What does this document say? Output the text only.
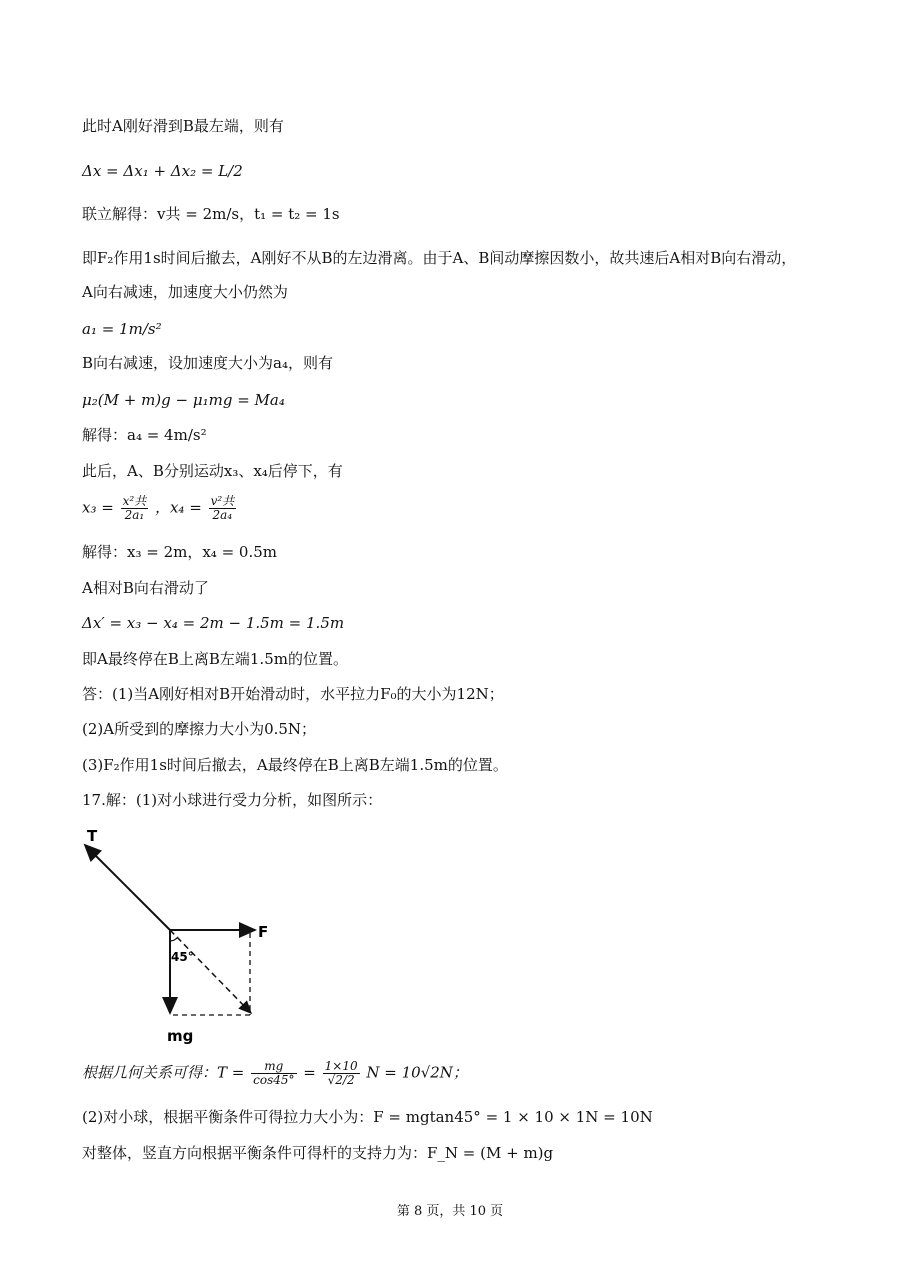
此时A刚好滑到B最左端，则有
Δx = Δx₁ + Δx₂ = L/2
联立解得：v共 = 2m/s，t₁ = t₂ = 1s
即F₂作用1s时间后撤去，A刚好不从B的左边滑离。由于A、B间动摩擦因数小，故共速后A相对B向右滑动，
A向右减速，加速度大小仍然为
a₁ = 1m/s²
B向右减速，设加速度大小为a₄，则有
μ₂(M + m)g − μ₁mg = Ma₄
解得：a₄ = 4m/s²
此后，A、B分别运动x₃、x₄后停下，有
$x_3 = \frac{\text{x²共}}{\text{2a₁}}$ ，$x_4 = \frac{\text{v²共}}{\text{2a₄}}$
解得：x₃ = 2m，x₄ = 0.5m
A相对B向右滑动了
Δx′ = x₃ − x₄ = 2m − 1.5m = 1.5m
即A最终停在B上离B左端1.5m的位置。
答：(1)当A刚好相对B开始滑动时，水平拉力F₀的大小为12N；
(2)A所受到的摩擦力大小为0.5N；
(3)F₂作用1s时间后撤去，A最终停在B上离B左端1.5m的位置。
17.解：(1)对小球进行受力分析，如图所示：
T
F
mg
45°
根据几何关系可得：$T = \frac{mg}{\cos 45^\circ} = \frac{1\times 10}{√2/2}$ N = 10√2N；
(2)对小球，根据平衡条件可得拉力大小为：F = mgtan45° = 1 × 10 × 1N = 10N
对整体，竖直方向根据平衡条件可得杆的支持力为：F_N = (M + m)g
第 8 页，共 10 页
